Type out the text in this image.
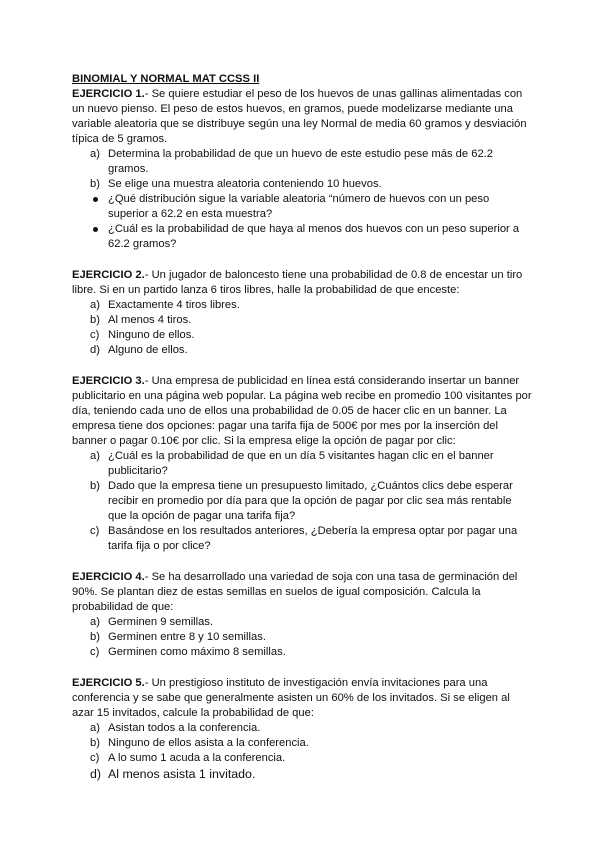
BINOMIAL Y NORMAL MAT CCSS II

EJERCICIO 1.- Se quiere estudiar el peso de los huevos de unas gallinas alimentadas con un nuevo pienso. El peso de estos huevos, en gramos, puede modelizarse mediante una variable aleatoria que se distribuye según una ley Normal de media 60 gramos y desviación típica de 5 gramos.

a) Determina la probabilidad de que un huevo de este estudio pese más de 62.2 gramos.
b) Se elige una muestra aleatoria conteniendo 10 huevos.
¿Qué distribución sigue la variable aleatoria “número de huevos con un peso superior a 62.2 en esta muestra?
¿Cuál es la probabilidad de que haya al menos dos huevos con un peso superior a 62.2 gramos?

EJERCICIO 2.- Un jugador de baloncesto tiene una probabilidad de 0.8 de encestar un tiro libre. Si en un partido lanza 6 tiros libres, halle la probabilidad de que enceste:

a) Exactamente 4 tiros libres.
b) Al menos 4 tiros.
c) Ninguno de ellos.
d) Alguno de ellos.

EJERCICIO 3.- Una empresa de publicidad en línea está considerando insertar un banner publicitario en una página web popular. La página web recibe en promedio 100 visitantes por día, teniendo cada uno de ellos una probabilidad de 0.05 de hacer clic en un banner. La empresa tiene dos opciones: pagar una tarifa fija de 500€ por mes por la inserción del banner o pagar 0.10€ por clic. Si la empresa elige la opción de pagar por clic:

a) ¿Cuál es la probabilidad de que en un día 5 visitantes hagan clic en el banner publicitario?
b) Dado que la empresa tiene un presupuesto limitado, ¿Cuántos clics debe esperar recibir en promedio por día para que la opción de pagar por clic sea más rentable que la opción de pagar una tarifa fija?
c) Basándose en los resultados anteriores, ¿Debería la empresa optar por pagar una tarifa fija o por clice?

EJERCICIO 4.- Se ha desarrollado una variedad de soja con una tasa de germinación del 90%. Se plantan diez de estas semillas en suelos de igual composición. Calcula la probabilidad de que:

a) Germinen 9 semillas.
b) Germinen entre 8 y 10 semillas.
c) Germinen como máximo 8 semillas.

EJERCICIO 5.- Un prestigioso instituto de investigación envía invitaciones para una conferencia y se sabe que generalmente asisten un 60% de los invitados. Si se eligen al azar 15 invitados, calcule la probabilidad de que:

a) Asistan todos a la conferencia.
b) Ninguno de ellos asista a la conferencia.
c) A lo sumo 1 acuda a la conferencia.
d) Al menos asista 1 invitado.
